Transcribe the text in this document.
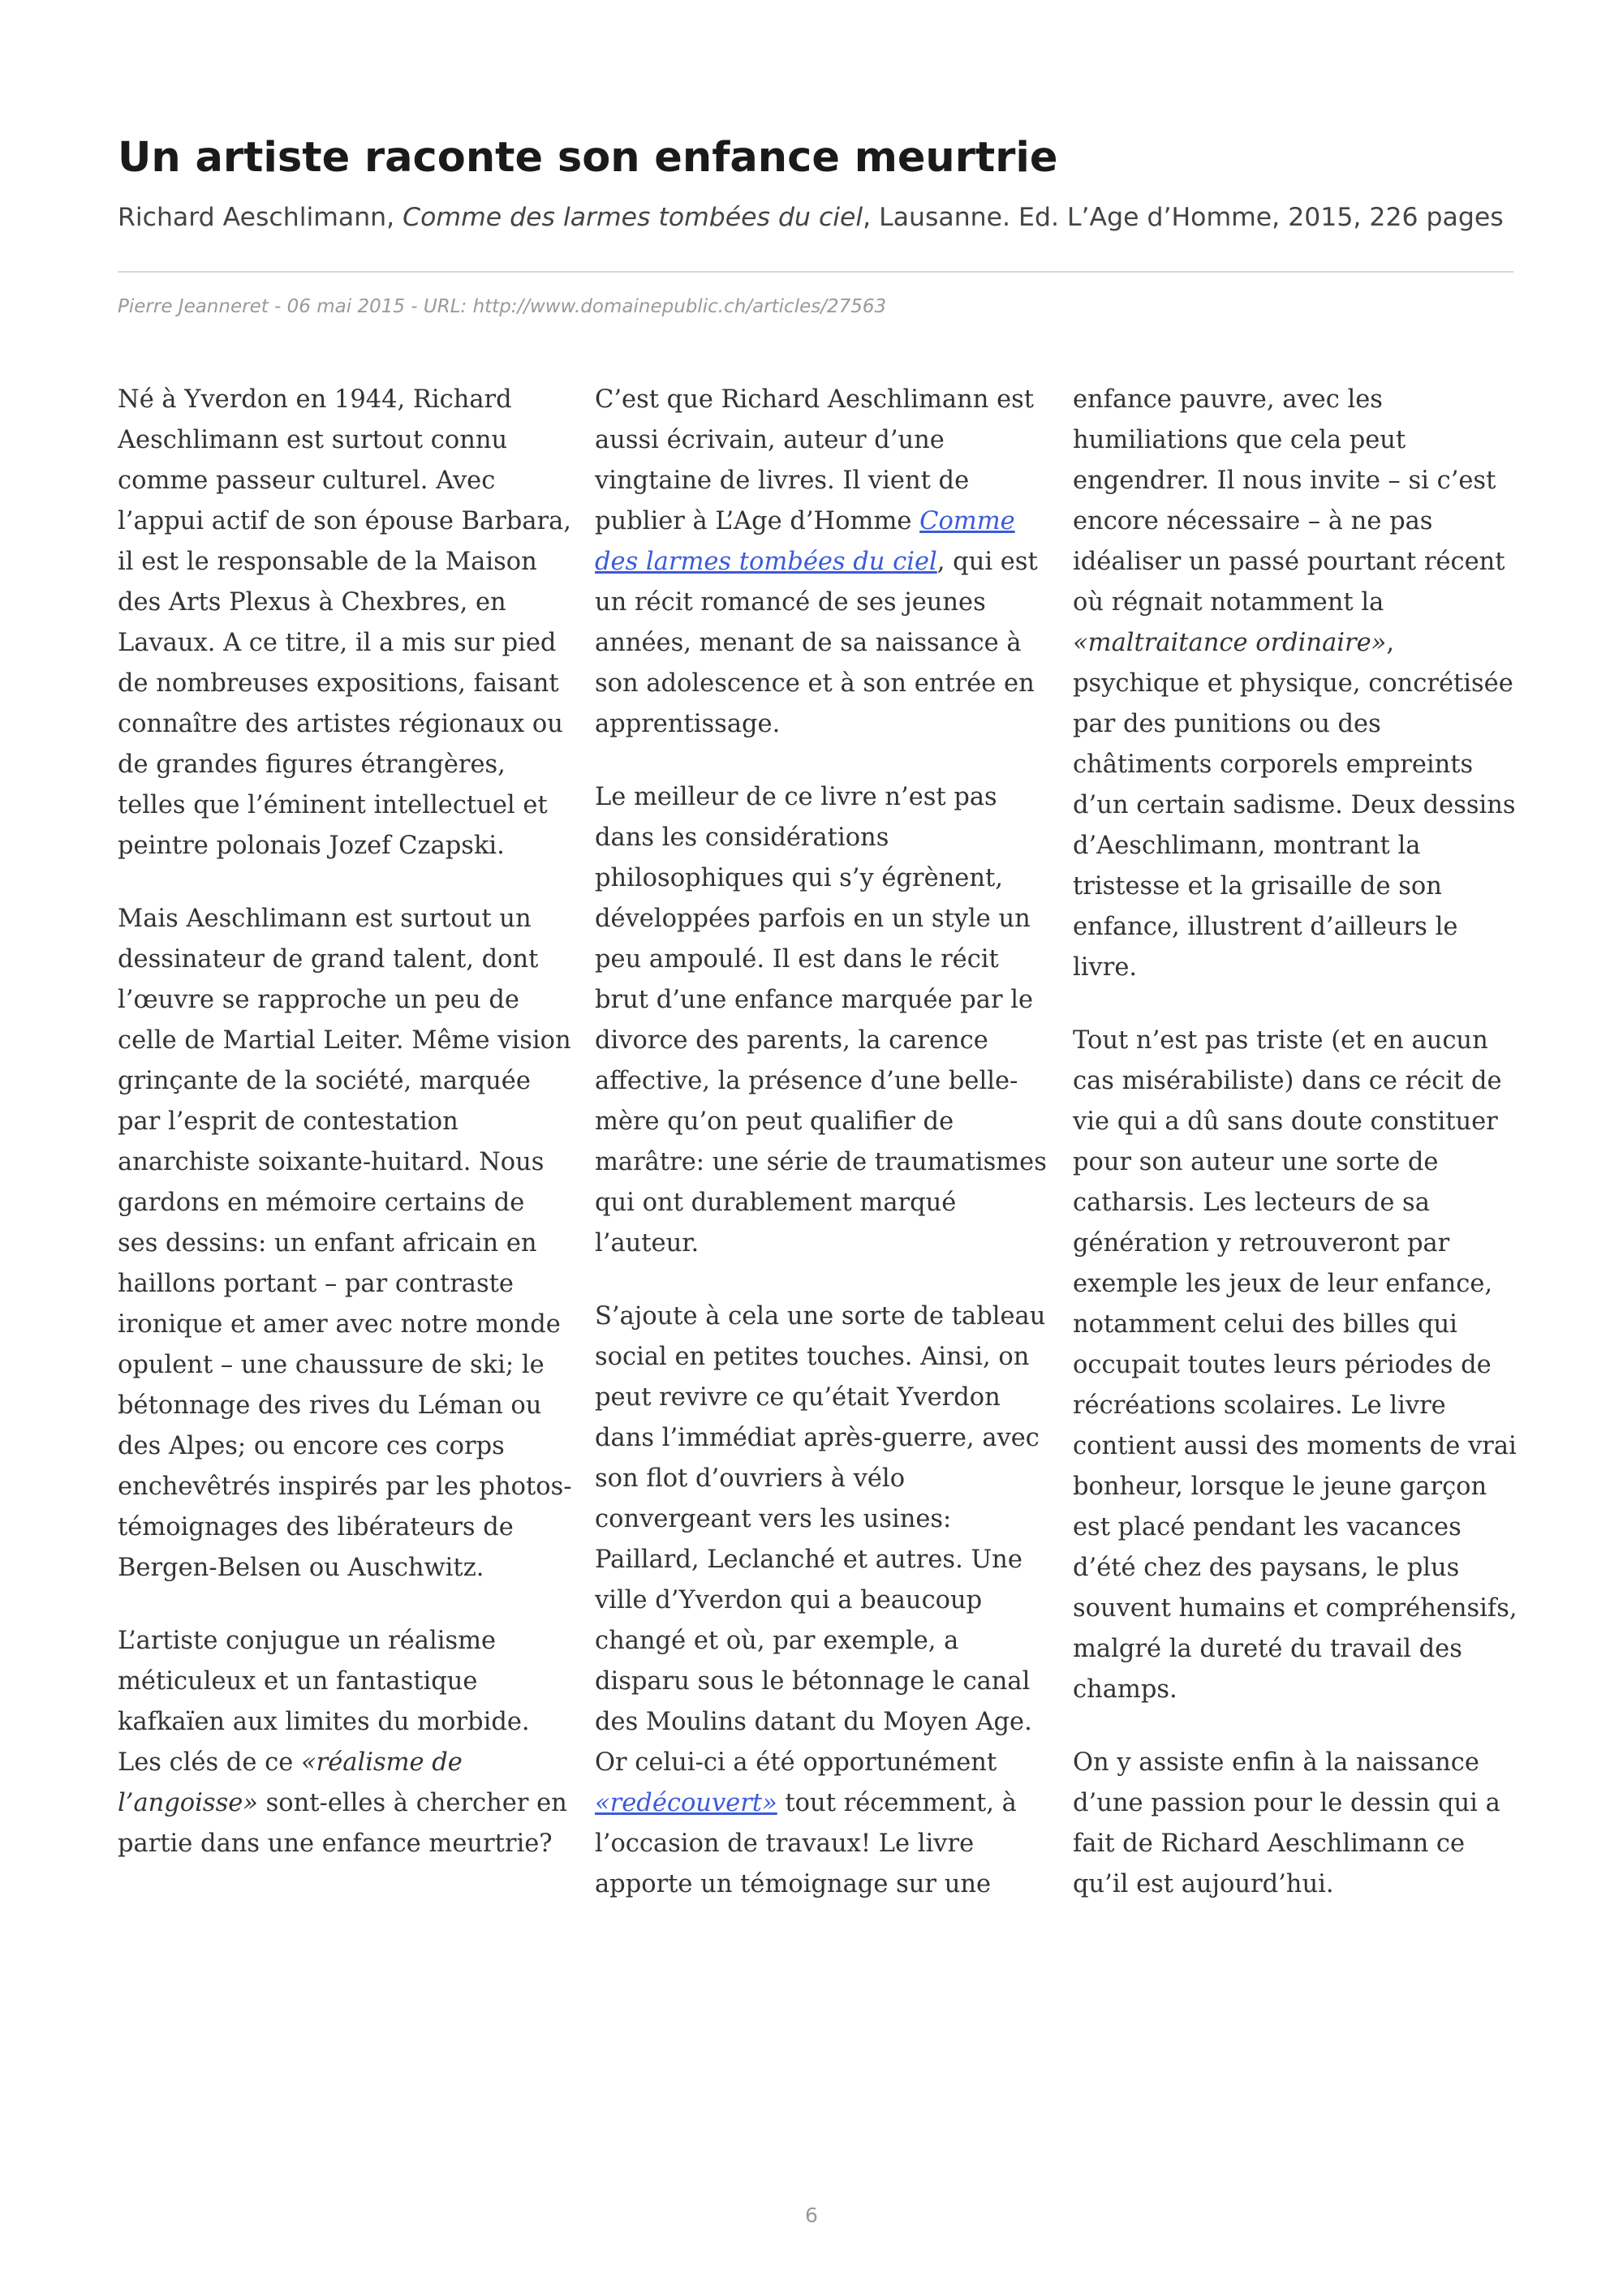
Un artiste raconte son enfance meurtrie
Richard Aeschlimann, Comme des larmes tombées du ciel, Lausanne. Ed. L’Age d’Homme, 2015, 226 pages
Pierre Jeanneret - 06 mai 2015 - URL: http://www.domainepublic.ch/articles/27563

Né à Yverdon en 1944, Richard Aeschlimann est surtout connu comme passeur culturel. Avec l’appui actif de son épouse Barbara, il est le responsable de la Maison des Arts Plexus à Chexbres, en Lavaux. A ce titre, il a mis sur pied de nombreuses expositions, faisant connaître des artistes régionaux ou de grandes figures étrangères, telles que l’éminent intellectuel et peintre polonais Jozef Czapski.

Mais Aeschlimann est surtout un dessinateur de grand talent, dont l’œuvre se rapproche un peu de celle de Martial Leiter. Même vision grinçante de la société, marquée par l’esprit de contestation anarchiste soixante-huitard. Nous gardons en mémoire certains de ses dessins: un enfant africain en haillons portant – par contraste ironique et amer avec notre monde opulent – une chaussure de ski; le bétonnage des rives du Léman ou des Alpes; ou encore ces corps enchevêtrés inspirés par les photos-témoignages des libérateurs de Bergen-Belsen ou Auschwitz.

L’artiste conjugue un réalisme méticuleux et un fantastique kafkaïen aux limites du morbide. Les clés de ce «réalisme de l’angoisse» sont-elles à chercher en partie dans une enfance meurtrie?

C’est que Richard Aeschlimann est aussi écrivain, auteur d’une vingtaine de livres. Il vient de publier à L’Age d’Homme Comme des larmes tombées du ciel, qui est un récit romancé de ses jeunes années, menant de sa naissance à son adolescence et à son entrée en apprentissage.

Le meilleur de ce livre n’est pas dans les considérations philosophiques qui s’y égrènent, développées parfois en un style un peu ampoulé. Il est dans le récit brut d’une enfance marquée par le divorce des parents, la carence affective, la présence d’une belle-mère qu’on peut qualifier de marâtre: une série de traumatismes qui ont durablement marqué l’auteur.

S’ajoute à cela une sorte de tableau social en petites touches. Ainsi, on peut revivre ce qu’était Yverdon dans l’immédiat après-guerre, avec son flot d’ouvriers à vélo convergeant vers les usines: Paillard, Leclanché et autres. Une ville d’Yverdon qui a beaucoup changé et où, par exemple, a disparu sous le bétonnage le canal des Moulins datant du Moyen Age. Or celui-ci a été opportunément «redécouvert» tout récemment, à l’occasion de travaux! Le livre apporte un témoignage sur une

enfance pauvre, avec les humiliations que cela peut engendrer. Il nous invite – si c’est encore nécessaire – à ne pas idéaliser un passé pourtant récent où régnait notamment la «maltraitance ordinaire», psychique et physique, concrétisée par des punitions ou des châtiments corporels empreints d’un certain sadisme. Deux dessins d’Aeschlimann, montrant la tristesse et la grisaille de son enfance, illustrent d’ailleurs le livre.

Tout n’est pas triste (et en aucun cas misérabiliste) dans ce récit de vie qui a dû sans doute constituer pour son auteur une sorte de catharsis. Les lecteurs de sa génération y retrouveront par exemple les jeux de leur enfance, notamment celui des billes qui occupait toutes leurs périodes de récréations scolaires. Le livre contient aussi des moments de vrai bonheur, lorsque le jeune garçon est placé pendant les vacances d’été chez des paysans, le plus souvent humains et compréhensifs, malgré la dureté du travail des champs.

On y assiste enfin à la naissance d’une passion pour le dessin qui a fait de Richard Aeschlimann ce qu’il est aujourd’hui.

6
